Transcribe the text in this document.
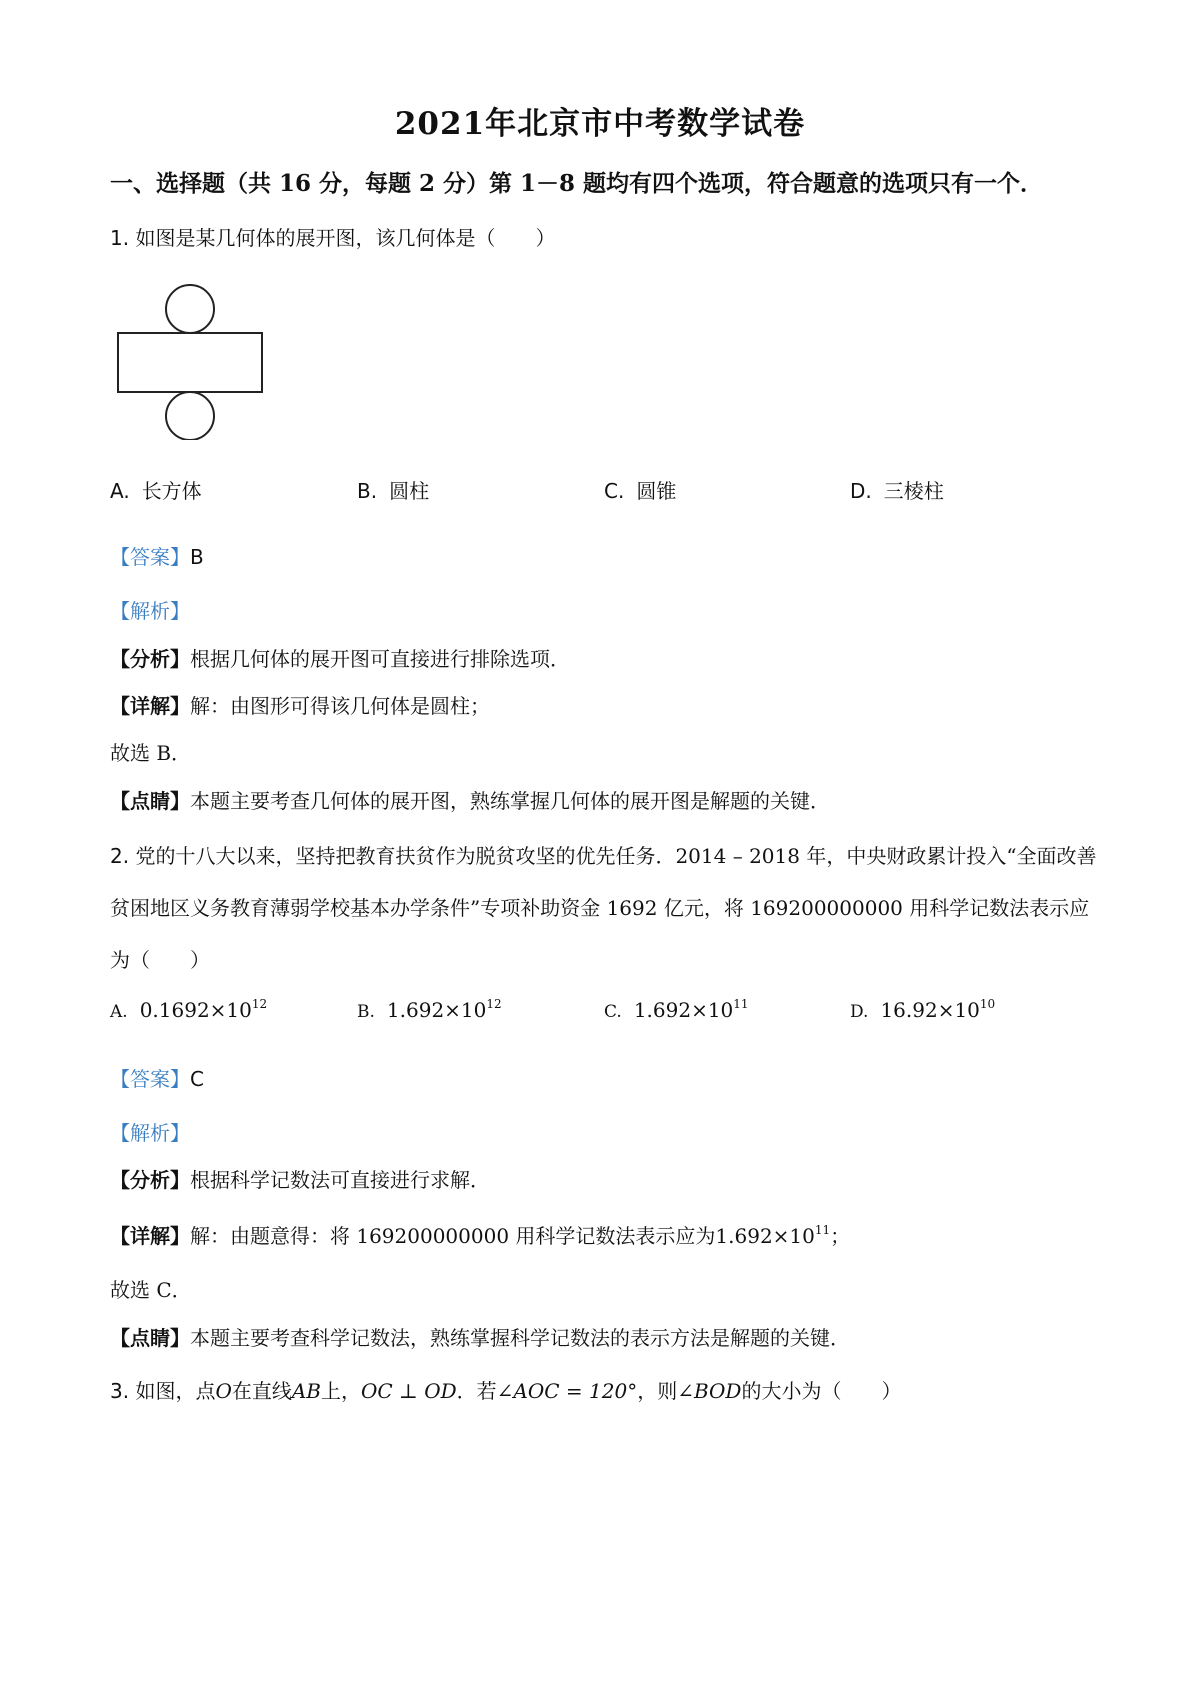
2021年北京市中考数学试卷
一、选择题（共 16 分，每题 2 分）第 1－8 题均有四个选项，符合题意的选项只有一个．
1. 如图是某几何体的展开图，该几何体是（　　）
A. 长方体	B. 圆柱	C. 圆锥	D. 三棱柱
【答案】B
【解析】
【分析】根据几何体的展开图可直接进行排除选项．
【详解】解：由图形可得该几何体是圆柱；
故选 B．
【点睛】本题主要考查几何体的展开图，熟练掌握几何体的展开图是解题的关键．
2. 党的十八大以来，坚持把教育扶贫作为脱贫攻坚的优先任务．2014 – 2018 年，中央财政累计投入“全面改善贫困地区义务教育薄弱学校基本办学条件”专项补助资金 1692 亿元，将 169200000000 用科学记数法表示应为（　　）
A. $0.1692\times 10^{12}$	B. $1.692\times 10^{12}$	C. $1.692\times 10^{11}$	D. $16.92\times 10^{10}$
【答案】C
【解析】
【分析】根据科学记数法可直接进行求解．
【详解】解：由题意得：将 169200000000 用科学记数法表示应为$1.692\times 10^{11}$；
故选 C．
【点睛】本题主要考查科学记数法，熟练掌握科学记数法的表示方法是解题的关键．
3. 如图，点O在直线AB上，OC ⊥ OD．若∠AOC = 120°，则∠BOD的大小为（　　）
